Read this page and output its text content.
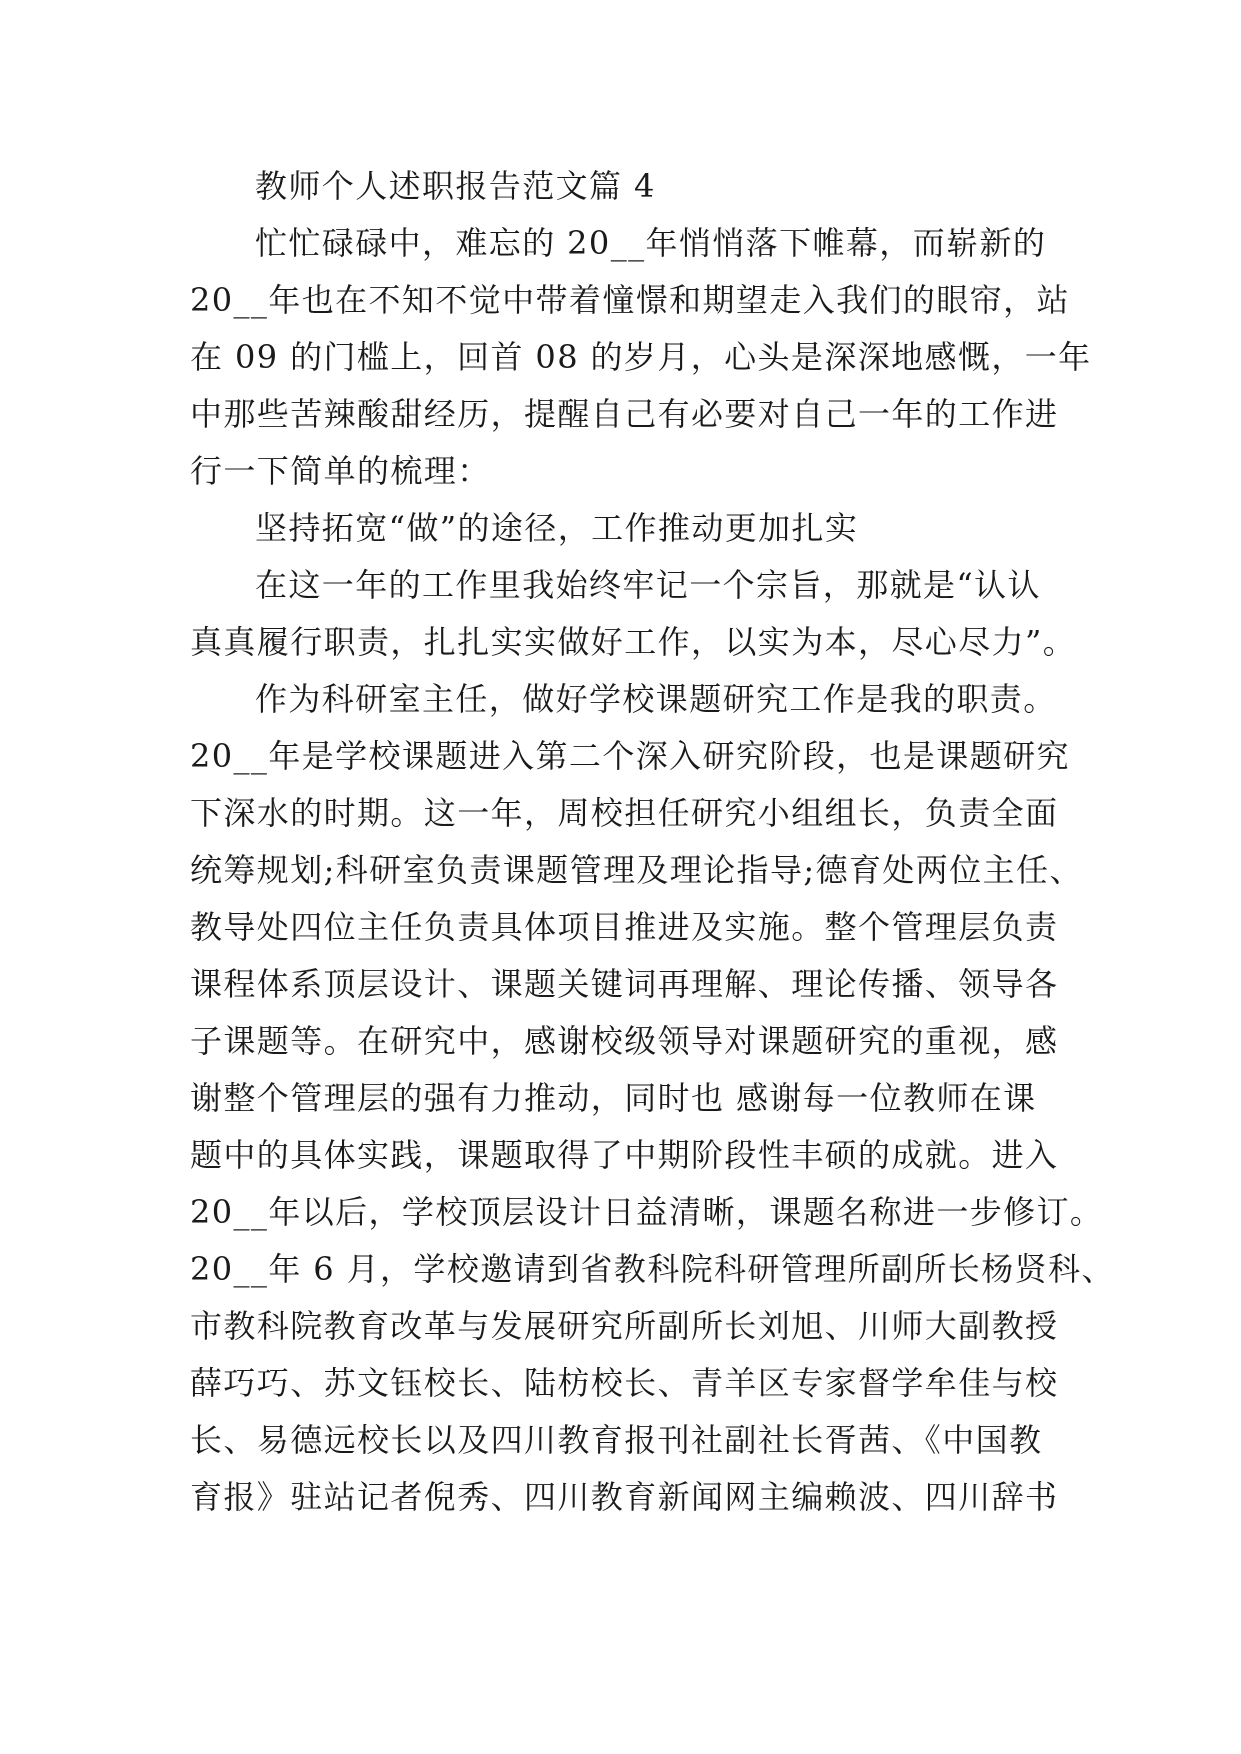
教师个人述职报告范文篇 4
忙忙碌碌中，难忘的 20__年悄悄落下帷幕，而崭新的
20__年也在不知不觉中带着憧憬和期望走入我们的眼帘，站
在 09 的门槛上，回首 08 的岁月，心头是深深地感慨，一年
中那些苦辣酸甜经历，提醒自己有必要对自己一年的工作进
行一下简单的梳理：
坚持拓宽“做”的途径，工作推动更加扎实
在这一年的工作里我始终牢记一个宗旨，那就是“认认
真真履行职责，扎扎实实做好工作，以实为本，尽心尽力”。
作为科研室主任，做好学校课题研究工作是我的职责。
20__年是学校课题进入第二个深入研究阶段，也是课题研究
下深水的时期。这一年，周校担任研究小组组长，负责全面
统筹规划;科研室负责课题管理及理论指导;德育处两位主任、
教导处四位主任负责具体项目推进及实施。整个管理层负责
课程体系顶层设计、课题关键词再理解、理论传播、领导各
子课题等。在研究中，感谢校级领导对课题研究的重视，感
谢整个管理层的强有力推动，同时也 感谢每一位教师在课
题中的具体实践，课题取得了中期阶段性丰硕的成就。进入
20__年以后，学校顶层设计日益清晰，课题名称进一步修订。
20__年 6 月，学校邀请到省教科院科研管理所副所长杨贤科、
市教科院教育改革与发展研究所副所长刘旭、川师大副教授
薛巧巧、苏文钰校长、陆枋校长、青羊区专家督学牟佳与校
长、易德远校长以及四川教育报刊社副社长胥茜、《中国教
育报》驻站记者倪秀、四川教育新闻网主编赖波、四川辞书
